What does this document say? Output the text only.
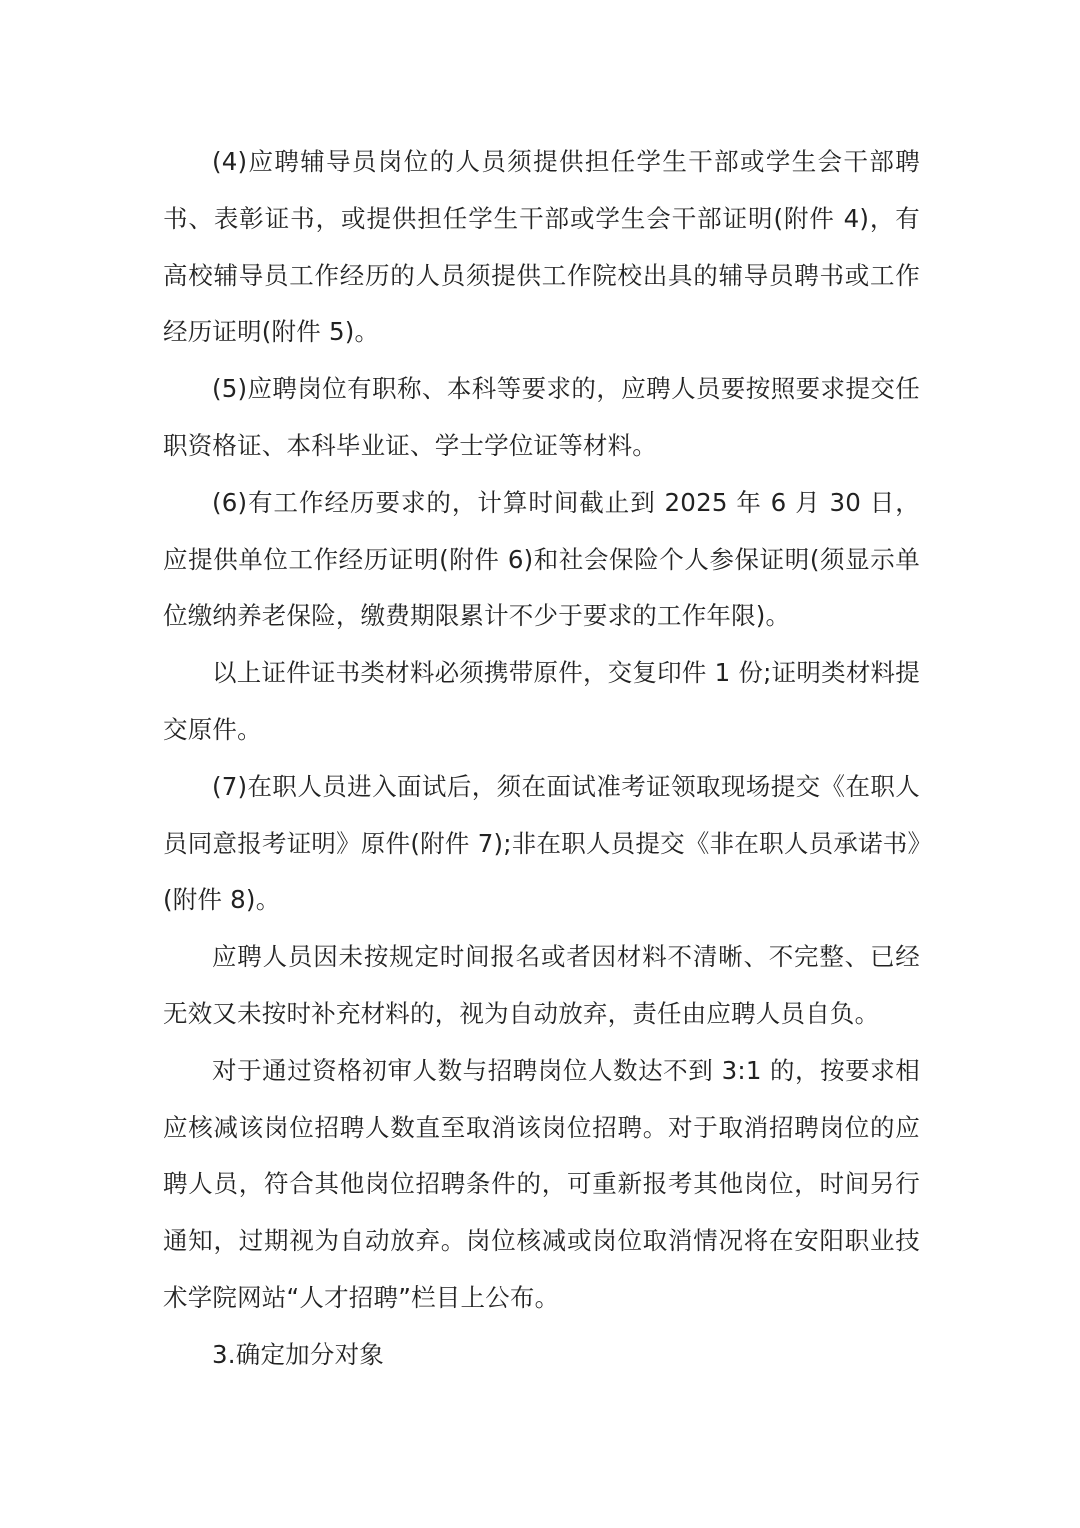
(4)应聘辅导员岗位的人员须提供担任学生干部或学生会干部聘书、表彰证书，或提供担任学生干部或学生会干部证明(附件 4)，有高校辅导员工作经历的人员须提供工作院校出具的辅导员聘书或工作经历证明(附件 5)。

(5)应聘岗位有职称、本科等要求的，应聘人员要按照要求提交任职资格证、本科毕业证、学士学位证等材料。

(6)有工作经历要求的，计算时间截止到 2025 年 6 月 30 日，应提供单位工作经历证明(附件 6)和社会保险个人参保证明(须显示单位缴纳养老保险，缴费期限累计不少于要求的工作年限)。

以上证件证书类材料必须携带原件，交复印件 1 份;证明类材料提交原件。

(7)在职人员进入面试后，须在面试准考证领取现场提交《在职人员同意报考证明》原件(附件 7);非在职人员提交《非在职人员承诺书》(附件 8)。

应聘人员因未按规定时间报名或者因材料不清晰、不完整、已经无效又未按时补充材料的，视为自动放弃，责任由应聘人员自负。

对于通过资格初审人数与招聘岗位人数达不到 3:1 的，按要求相应核减该岗位招聘人数直至取消该岗位招聘。对于取消招聘岗位的应聘人员，符合其他岗位招聘条件的，可重新报考其他岗位，时间另行通知，过期视为自动放弃。岗位核减或岗位取消情况将在安阳职业技术学院网站“人才招聘”栏目上公布。

3.确定加分对象
